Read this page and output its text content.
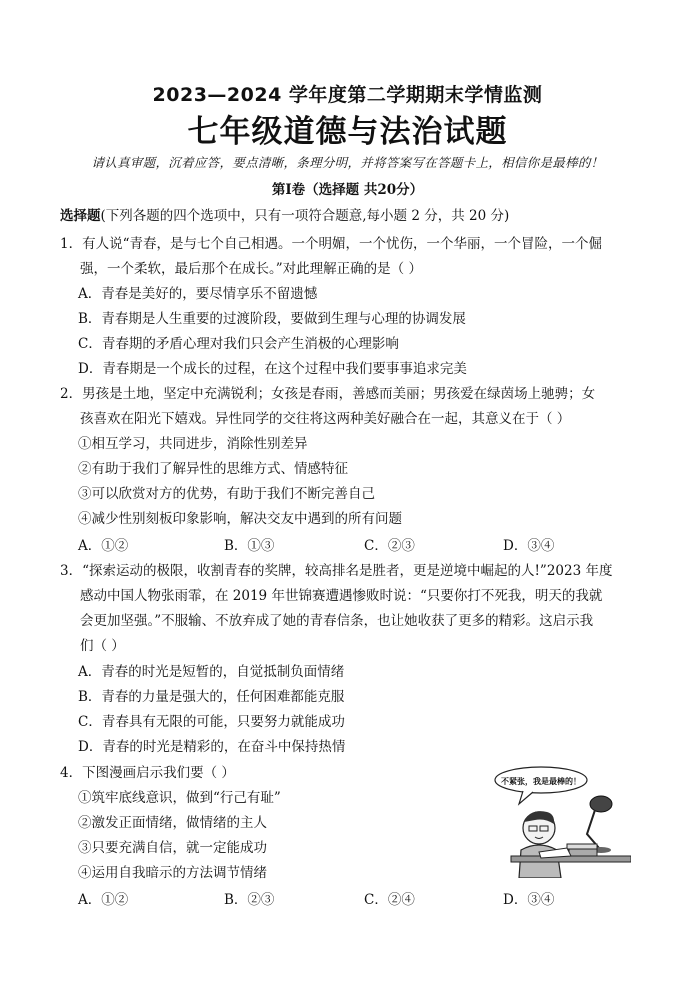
2023—2024 学年度第二学期期末学情监测
七年级道德与法治试题
请认真审题，沉着应答，要点清晰，条理分明，并将答案写在答题卡上，相信你是最棒的！
第Ⅰ卷（选择题 共20分）
选择题(下列各题的四个选项中，只有一项符合题意,每小题 2 分，共 20 分)
1．有人说“青春，是与七个自己相遇。一个明媚，一个忧伤，一个华丽，一个冒险，一个倔
强，一个柔软，最后那个在成长。”对此理解正确的是（ ）
A．青春是美好的，要尽情享乐不留遗憾
B．青春期是人生重要的过渡阶段，要做到生理与心理的协调发展
C．青春期的矛盾心理对我们只会产生消极的心理影响
D．青春期是一个成长的过程，在这个过程中我们要事事追求完美
2．男孩是土地，坚定中充满锐利；女孩是春雨，善感而美丽；男孩爱在绿茵场上驰骋；女
孩喜欢在阳光下嬉戏。异性同学的交往将这两种美好融合在一起，其意义在于（ ）
①相互学习，共同进步，消除性别差异
②有助于我们了解异性的思维方式、情感特征
③可以欣赏对方的优势，有助于我们不断完善自己
④减少性别刻板印象影响，解决交友中遇到的所有问题
A．①②	B．①③	C．②③	D．③④
3．“探索运动的极限，收割青春的奖牌，较高排名是胜者，更是逆境中崛起的人!”2023 年度
感动中国人物张雨霏，在 2019 年世锦赛遭遇惨败时说：“只要你打不死我，明天的我就
会更加坚强。”不服输、不放弃成了她的青春信条，也让她收获了更多的精彩。这启示我
们（ ）
A．青春的时光是短暂的，自觉抵制负面情绪
B．青春的力量是强大的，任何困难都能克服
C．青春具有无限的可能，只要努力就能成功
D．青春的时光是精彩的，在奋斗中保持热情
4．下图漫画启示我们要（ ）
①筑牢底线意识，做到“行己有耻”
②激发正面情绪，做情绪的主人
③只要充满自信，就一定能成功
④运用自我暗示的方法调节情绪
A．①②	B．②③	C．②④	D．③④
不紧张，我是最棒的！
